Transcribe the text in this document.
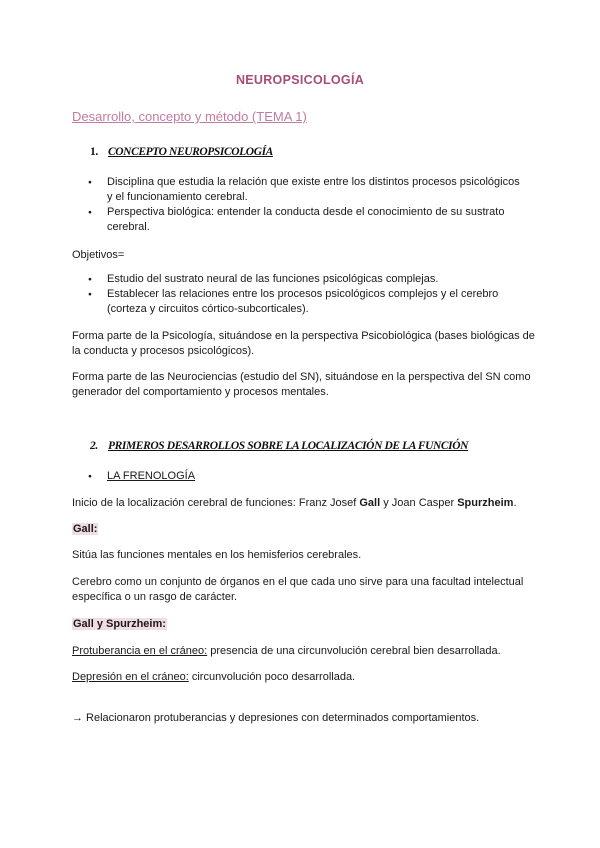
NEUROPSICOLOGÍA
Desarrollo, concepto y método (TEMA 1)
1. CONCEPTO NEUROPSICOLOGÍA
● Disciplina que estudia la relación que existe entre los distintos procesos psicológicos y el funcionamiento cerebral.
● Perspectiva biológica: entender la conducta desde el conocimiento de su sustrato cerebral.
Objetivos=
● Estudio del sustrato neural de las funciones psicológicas complejas.
● Establecer las relaciones entre los procesos psicológicos complejos y el cerebro (corteza y circuitos córtico-subcorticales).
Forma parte de la Psicología, situándose en la perspectiva Psicobiológica (bases biológicas de la conducta y procesos psicológicos).
Forma parte de las Neurociencias (estudio del SN), situándose en la perspectiva del SN como generador del comportamiento y procesos mentales.
2. PRIMEROS DESARROLLOS SOBRE LA LOCALIZACIÓN DE LA FUNCIÓN
● LA FRENOLOGÍA
Inicio de la localización cerebral de funciones: Franz Josef Gall y Joan Casper Spurzheim.
Gall:
Sitúa las funciones mentales en los hemisferios cerebrales.
Cerebro como un conjunto de órganos en el que cada uno sirve para una facultad intelectual específica o un rasgo de carácter.
Gall y Spurzheim:
Protuberancia en el cráneo: presencia de una circunvolución cerebral bien desarrollada.
Depresión en el cráneo: circunvolución poco desarrollada.
→ Relacionaron protuberancias y depresiones con determinados comportamientos.
